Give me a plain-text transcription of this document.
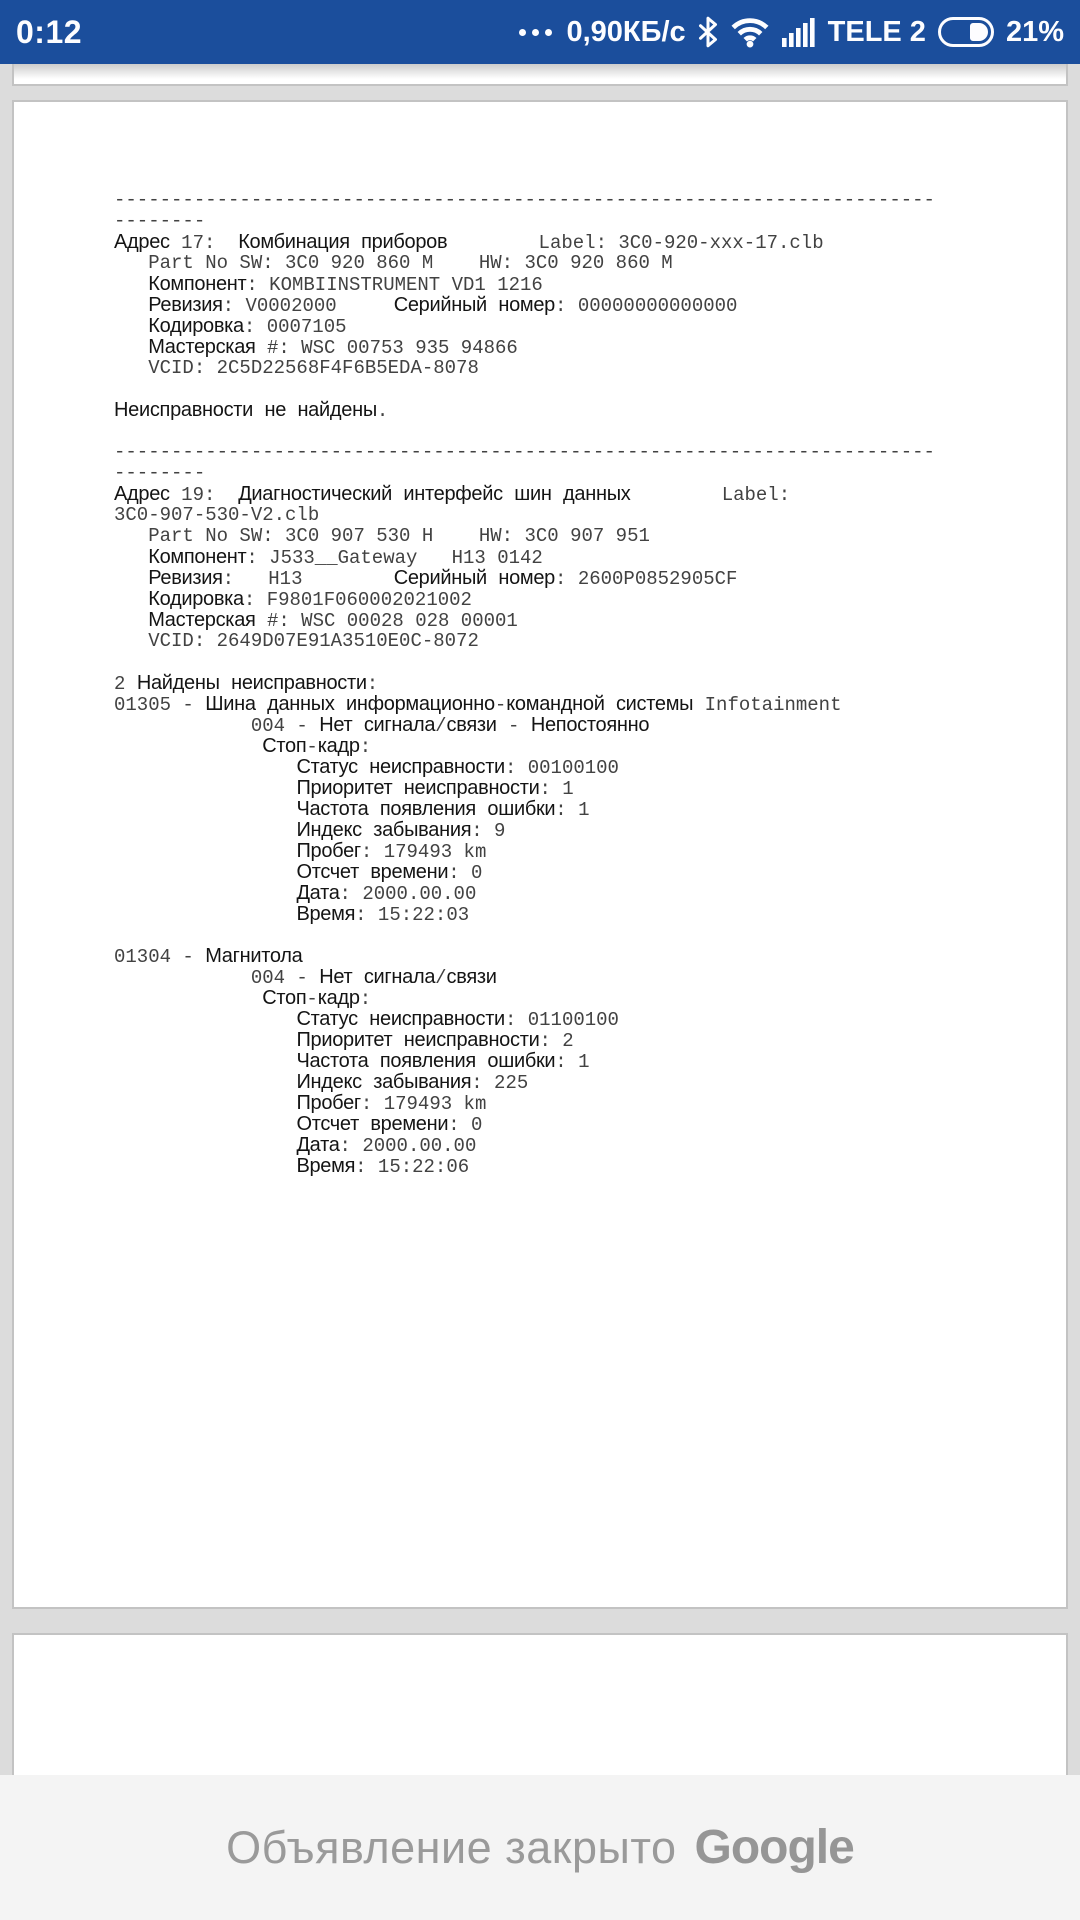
0:12	0,90КБ/с	TELE 2	21%
------------------------------------------------------------------------
--------
Адрес 17:  Комбинация приборов        Label: 3C0-920-xxx-17.clb
Part No SW: 3C0 920 860 M    HW: 3C0 920 860 M
Компонент: KOMBIINSTRUMENT VD1 1216
Ревизия: V0002000     Серийный номер: 00000000000000
Кодировка: 0007105
Мастерская #: WSC 00753 935 94866
VCID: 2C5D22568F4F6B5EDA-8078

Неисправности не найдены.

------------------------------------------------------------------------
--------
Адрес 19:  Диагностический интерфейс шин данных        Label:
3C0-907-530-V2.clb
Part No SW: 3C0 907 530 H    HW: 3C0 907 951
Компонент: J533__Gateway   H13 0142
Ревизия:   H13        Серийный номер: 2600P0852905CF
Кодировка: F9801F060002021002
Мастерская #: WSC 00028 028 00001
VCID: 2649D07E91A3510E0C-8072

2 Найдены неисправности:
01305 - Шина данных информационно-командной системы Infotainment
004 - Нет сигнала/связи - Непостоянно
Стоп-кадр:
Статус неисправности: 00100100
Приоритет неисправности: 1
Частота появления ошибки: 1
Индекс забывания: 9
Пробег: 179493 km
Отсчет времени: 0
Дата: 2000.00.00
Время: 15:22:03

01304 - Магнитола
004 - Нет сигнала/связи
Стоп-кадр:
Статус неисправности: 01100100
Приоритет неисправности: 2
Частота появления ошибки: 1
Индекс забывания: 225
Пробег: 179493 km
Отсчет времени: 0
Дата: 2000.00.00
Время: 15:22:06
Объявление закрыто Google
